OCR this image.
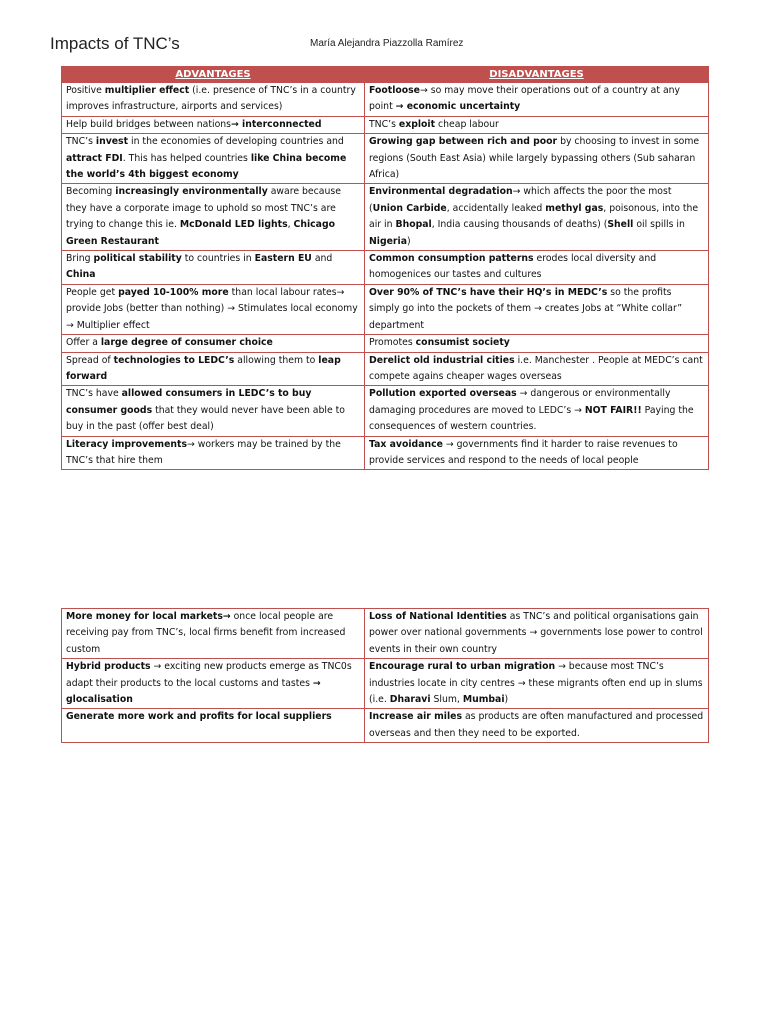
Impacts of TNC’s	María Alejandra Piazzolla Ramírez
ADVANTAGES	DISADVANTAGES
Positive multiplier effect (i.e. presence of TNC’s in a country improves infrastructure, airports and services)	Footloose→ so may move their operations out of a country at any point → economic uncertainty
Help build bridges between nations→ interconnected	TNC’s exploit cheap labour
TNC’s invest in the economies of developing countries and attract FDI. This has helped countries like China become the world’s 4th biggest economy	Growing gap between rich and poor by choosing to invest in some regions (South East Asia) while largely bypassing others (Sub saharan Africa)
Becoming increasingly environmentally aware because they have a corporate image to uphold so most TNC’s are trying to change this ie. McDonald LED lights, Chicago Green Restaurant	Environmental degradation→ which affects the poor the most (Union Carbide, accidentally leaked methyl gas, poisonous, into the air in Bhopal, India causing thousands of deaths) (Shell oil spills in Nigeria)
Bring political stability to countries in Eastern EU and China	Common consumption patterns erodes local diversity and homogenices our tastes and cultures
People get payed 10-100% more than local labour rates→ provide Jobs (better than nothing) → Stimulates local economy → Multiplier effect	Over 90% of TNC’s have their HQ’s in MEDC’s so the profits simply go into the pockets of them → creates Jobs at “White collar” department
Offer a large degree of consumer choice	Promotes consumist society
Spread of technologies to LEDC’s allowing them to leap forward	Derelict old industrial cities i.e. Manchester . People at MEDC’s cant compete agains cheaper wages overseas
TNC’s have allowed consumers in LEDC’s to buy consumer goods that they would never have been able to buy in the past (offer best deal)	Pollution exported overseas → dangerous or environmentally damaging procedures are moved to LEDC’s → NOT FAIR!! Paying the consequences of western countries.
Literacy improvements→ workers may be trained by the TNC’s that hire them	Tax avoidance → governments find it harder to raise revenues to provide services and respond to the needs of local people
More money for local markets→ once local people are receiving pay from TNC’s, local firms benefit from increased custom	Loss of National Identities as TNC’s and political organisations gain power over national governments → governments lose power to control events in their own country
Hybrid products → exciting new products emerge as TNC0s adapt their products to the local customs and tastes → glocalisation	Encourage rural to urban migration → because most TNC’s industries locate in city centres → these migrants often end up in slums (i.e. Dharavi Slum, Mumbai)
Generate more work and profits for local suppliers	Increase air miles as products are often manufactured and processed overseas and then they need to be exported.
